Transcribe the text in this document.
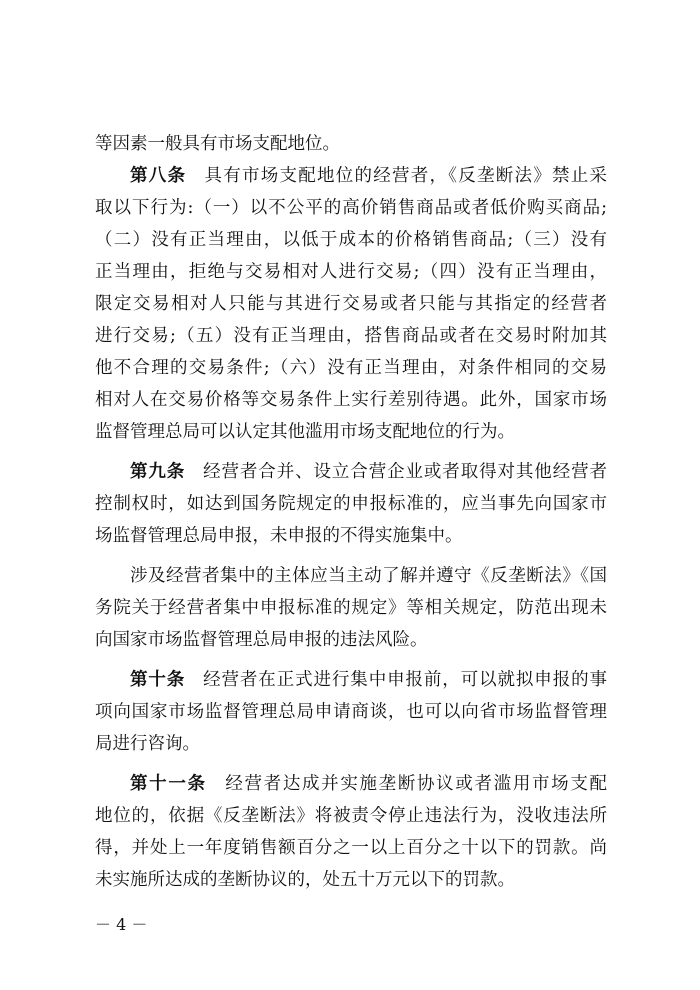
等因素一般具有市场支配地位。
第八条 具有市场支配地位的经营者，《反垄断法》禁止采
取以下行为:（一）以不公平的高价销售商品或者低价购买商品;
（二）没有正当理由，以低于成本的价格销售商品;（三）没有
正当理由，拒绝与交易相对人进行交易;（四）没有正当理由，
限定交易相对人只能与其进行交易或者只能与其指定的经营者
进行交易;（五）没有正当理由，搭售商品或者在交易时附加其
他不合理的交易条件;（六）没有正当理由，对条件相同的交易
相对人在交易价格等交易条件上实行差别待遇。此外，国家市场
监督管理总局可以认定其他滥用市场支配地位的行为。
第九条 经营者合并、设立合营企业或者取得对其他经营者
控制权时，如达到国务院规定的申报标准的，应当事先向国家市
场监督管理总局申报，未申报的不得实施集中。
涉及经营者集中的主体应当主动了解并遵守《反垄断法》《国
务院关于经营者集中申报标准的规定》等相关规定，防范出现未
向国家市场监督管理总局申报的违法风险。
第十条 经营者在正式进行集中申报前，可以就拟申报的事
项向国家市场监督管理总局申请商谈，也可以向省市场监督管理
局进行咨询。
第十一条 经营者达成并实施垄断协议或者滥用市场支配
地位的，依据《反垄断法》将被责令停止违法行为，没收违法所
得，并处上一年度销售额百分之一以上百分之十以下的罚款。尚
未实施所达成的垄断协议的，处五十万元以下的罚款。
－ 4 －
